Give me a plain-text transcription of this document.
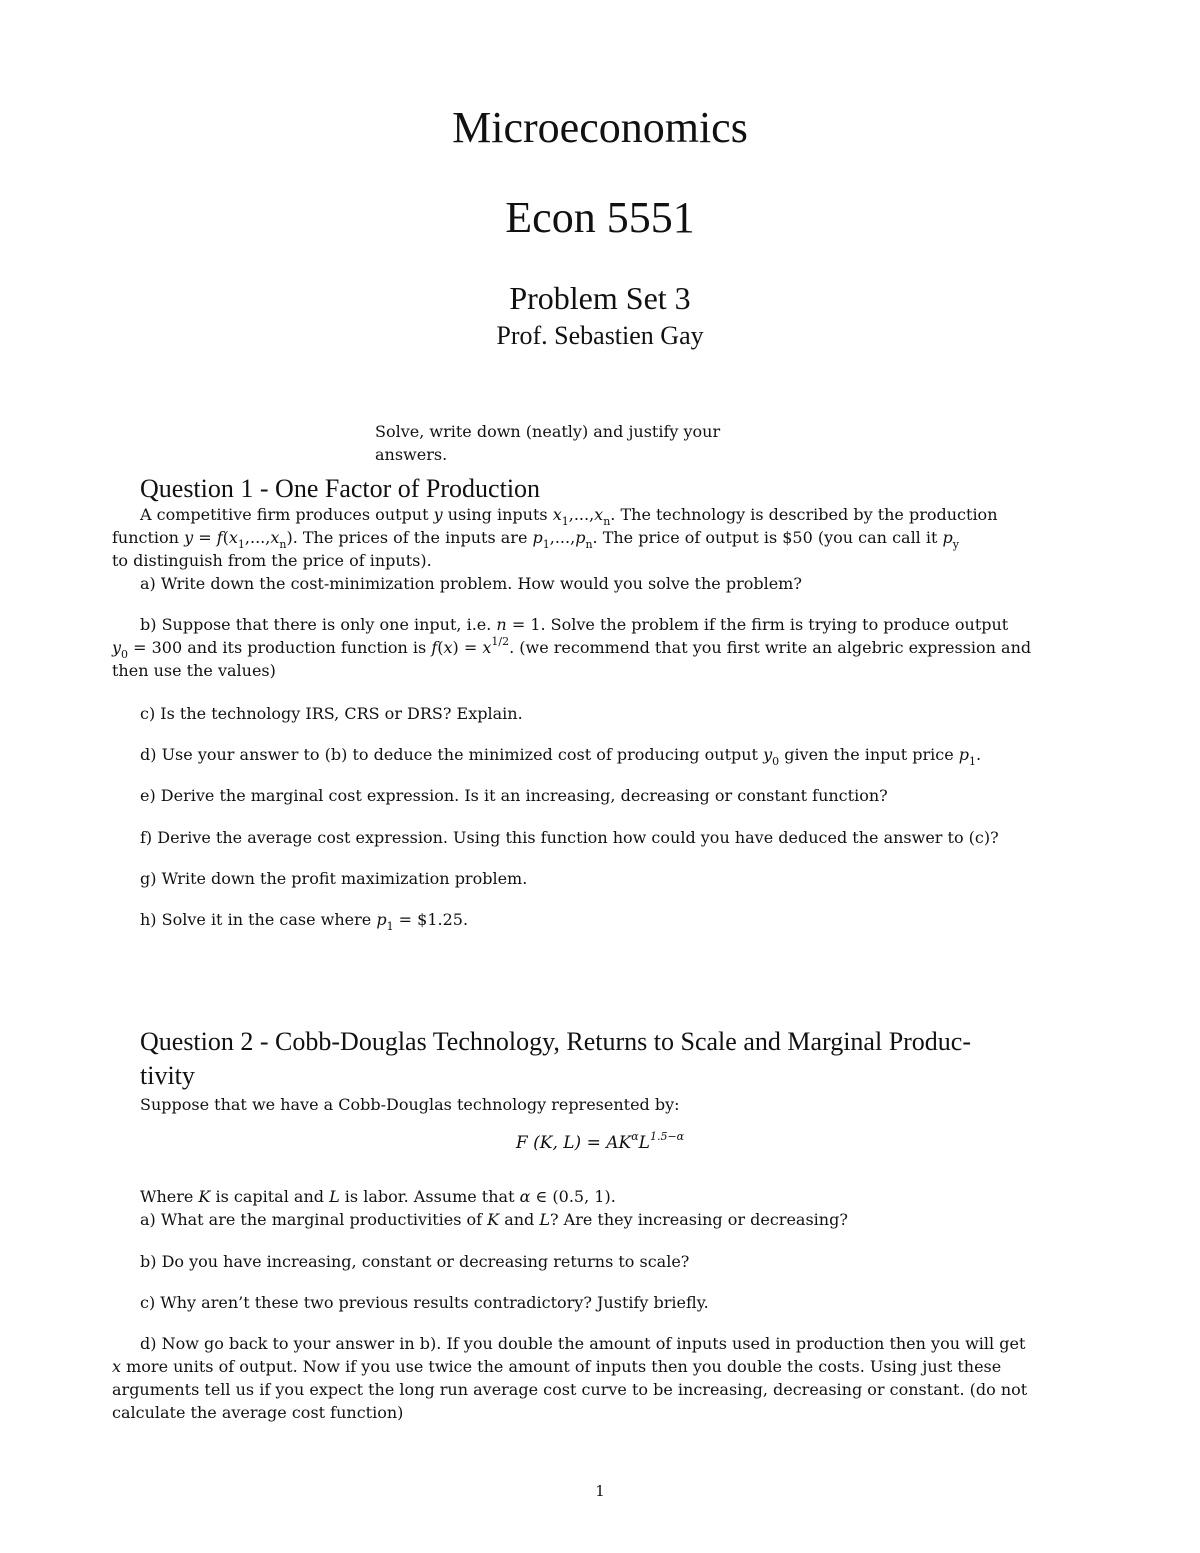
Microeconomics
Econ 5551
Problem Set 3
Prof. Sebastien Gay
Solve, write down (neatly) and justify your
answers.
Question 1 - One Factor of Production
A competitive firm produces output y using inputs $x_1,...,x_n$. The technology is described by the production
function $y = f(x_1,...,x_n)$. The prices of the inputs are $p_1,...,p_n$. The price of output is $50 (you can call it $p_y$
to distinguish from the price of inputs).
a) Write down the cost-minimization problem. How would you solve the problem?
b) Suppose that there is only one input, i.e. n = 1. Solve the problem if the firm is trying to produce output
$y_0 = 300$ and its production function is $f(x) = x^{1/2}$. (we recommend that you first write an algebric expression and
then use the values)
c) Is the technology IRS, CRS or DRS? Explain.
d) Use your answer to (b) to deduce the minimized cost of producing output $y_0$ given the input price $p_1$.
e) Derive the marginal cost expression. Is it an increasing, decreasing or constant function?
f) Derive the average cost expression. Using this function how could you have deduced the answer to (c)?
g) Write down the profit maximization problem.
h) Solve it in the case where $p_1$ = $1.25.
Question 2 - Cobb-Douglas Technology, Returns to Scale and Marginal Produc-
tivity
Suppose that we have a Cobb-Douglas technology represented by:
F (K, $L) = AK^\alpha L^{1.5-\alpha}$
Where K is capital and L is labor. Assume that α ∈ (0.5, 1).
a) What are the marginal productivities of K and L? Are they increasing or decreasing?
b) Do you have increasing, constant or decreasing returns to scale?
c) Why aren’t these two previous results contradictory? Justify briefly.
d) Now go back to your answer in b). If you double the amount of inputs used in production then you will get
x more units of output. Now if you use twice the amount of inputs then you double the costs. Using just these
arguments tell us if you expect the long run average cost curve to be increasing, decreasing or constant. (do not
calculate the average cost function)
1
